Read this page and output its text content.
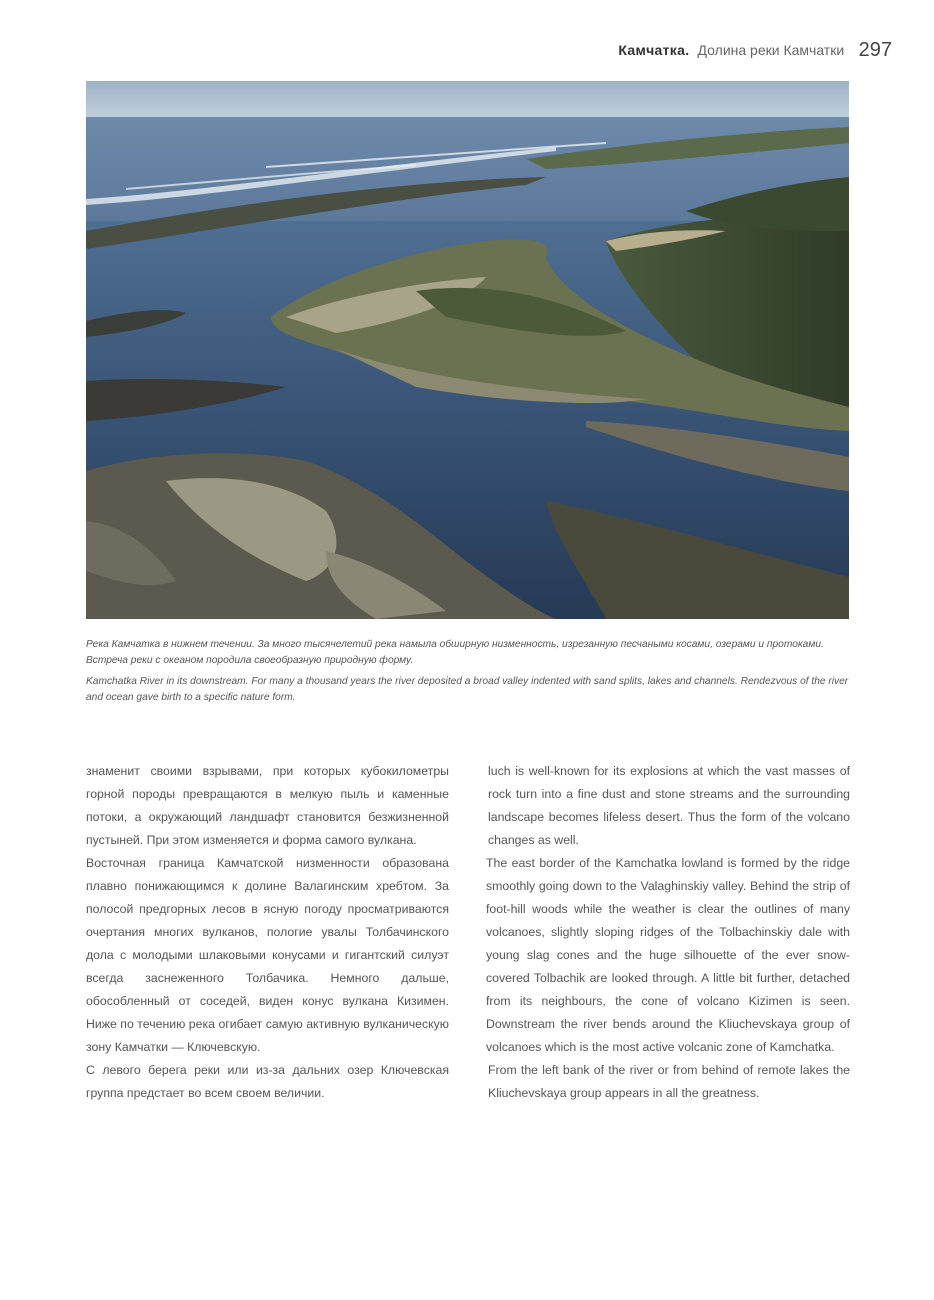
Камчатка. Долина реки Камчатки 297
Река Камчатка в нижнем течении. За много тысячелетий река намыла обширную низменность, изрезанную песчаными косами, озерами и протоками. Встреча реки с океаном породила своеобразную природную форму.
Kamchatka River in its downstream. For many a thousand years the river deposited a broad valley indented with sand splits, lakes and channels. Rendezvous of the river and ocean gave birth to a specific nature form.

знаменит своими взрывами, при которых кубокилометры горной породы превращаются в мелкую пыль и каменные потоки, а окружающий ландшафт становится безжизненной пустыней. При этом изменяется и форма самого вулкана.

Восточная граница Камчатской низменности образована плавно понижающимся к долине Валагинским хребтом. За полосой предгорных лесов в ясную погоду просматриваются очертания многих вулканов, пологие увалы Толбачинского дола с молодыми шлаковыми конусами и гигантский силуэт всегда заснеженного Толбачика. Немного дальше, обособленный от соседей, виден конус вулкана Кизимен. Ниже по течению река огибает самую активную вулканическую зону Камчатки — Ключевскую.

С левого берега реки или из-за дальних озер Ключевская группа предстает во всем своем величии.

luch is well-known for its explosions at which the vast masses of rock turn into a fine dust and stone streams and the surrounding landscape becomes lifeless desert. Thus the form of the volcano changes as well.

The east border of the Kamchatka lowland is formed by the ridge smoothly going down to the Valaghinskiy valley. Behind the strip of foot-hill woods while the weather is clear the outlines of many volcanoes, slightly sloping ridges of the Tolbachinskiy dale with young slag cones and the huge silhouette of the ever snow-covered Tolbachik are looked through. A little bit further, detached from its neighbours, the cone of volcano Kizimen is seen. Downstream the river bends around the Kliuchevskaya group of volcanoes which is the most active volcanic zone of Kamchatka.

From the left bank of the river or from behind of remote lakes the Kliuchevskaya group appears in all the greatness.
